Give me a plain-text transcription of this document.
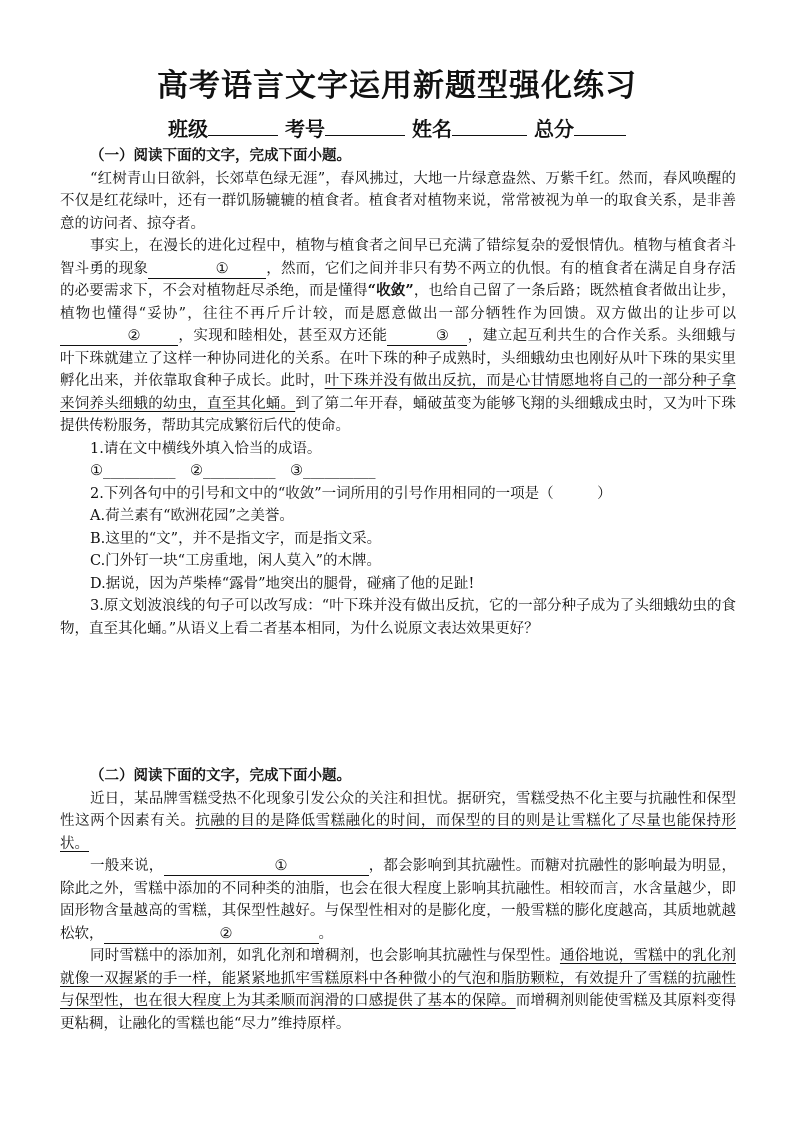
高考语言文字运用新题型强化练习
班级	考号	姓名	总分

（一）阅读下面的文字，完成下面小题。

“红树青山日欲斜，长郊草色绿无涯”，春风拂过，大地一片绿意盎然、万紫千红。然而，春风唤醒的不仅是红花绿叶，还有一群饥肠辘辘的植食者。植食者对植物来说，常常被视为单一的取食关系，是非善意的访问者、掠夺者。

事实上，在漫长的进化过程中，植物与植食者之间早已充满了错综复杂的爱恨情仇。植物与植食者斗智斗勇的现象	①	，然而，它们之间并非只有势不两立的仇恨。有的植食者在满足自身存活的必要需求下，不会对植物赶尽杀绝，而是懂得“收敛”，也给自己留了一条后路；既然植食者做出让步，植物也懂得“妥协”，往往不再斤斤计较，而是愿意做出一部分牺牲作为回馈。双方做出的让步可以②	，实现和睦相处，甚至双方还能	③ ，建立起互利共生的合作关系。头细蛾与叶下珠就建立了这样一种协同进化的关系。在叶下珠的种子成熟时，头细蛾幼虫也刚好从叶下珠的果实里孵化出来，并依靠取食种子成长。此时，叶下珠并没有做出反抗，而是心甘情愿地将自己的一部分种子拿来饲养头细蛾的幼虫，直至其化蛹。到了第二年开春，蛹破茧变为能够飞翔的头细蛾成虫时，又为叶下珠提供传粉服务，帮助其完成繁衍后代的使命。

1.请在文中横线外填入恰当的成语。

①__________　 ②__________　 ③__________

2.下列各句中的引号和文中的“收敛”一词所用的引号作用相同的一项是（　　　）

A.荷兰素有“欧洲花园”之美誉。

B.这里的“文”，并不是指文字，而是指文采。

C.门外钉一块“工房重地，闲人莫入”的木牌。

D.据说，因为芦柴棒“露骨”地突出的腿骨，碰痛了他的足趾!

3.原文划波浪线的句子可以改写成：“叶下珠并没有做出反抗，它的一部分种子成为了头细蛾幼虫的食物，直至其化蛹。”从语义上看二者基本相同，为什么说原文表达效果更好？

（二）阅读下面的文字，完成下面小题。

近日，某品牌雪糕受热不化现象引发公众的关注和担忧。据研究，雪糕受热不化主要与抗融性和保型性这两个因素有关。抗融的目的是降低雪糕融化的时间，而保型的目的则是让雪糕化了尽量也能保持形状。

一般来说，	①	，都会影响到其抗融性。而糖对抗融性的影响最为明显，除此之外，雪糕中添加的不同种类的油脂，也会在很大程度上影响其抗融性。相较而言，水含量越少，即固形物含量越高的雪糕，其保型性越好。与保型性相对的是膨化度，一般雪糕的膨化度越高，其质地就越松软，	②	。

同时雪糕中的添加剂，如乳化剂和增稠剂，也会影响其抗融性与保型性。通俗地说，雪糕中的乳化剂就像一双握紧的手一样，能紧紧地抓牢雪糕原料中各种微小的气泡和脂肪颗粒，有效提升了雪糕的抗融性与保型性，也在很大程度上为其柔顺而润滑的口感提供了基本的保障。而增稠剂则能使雪糕及其原料变得更粘稠，让融化的雪糕也能“尽力”维持原样。
